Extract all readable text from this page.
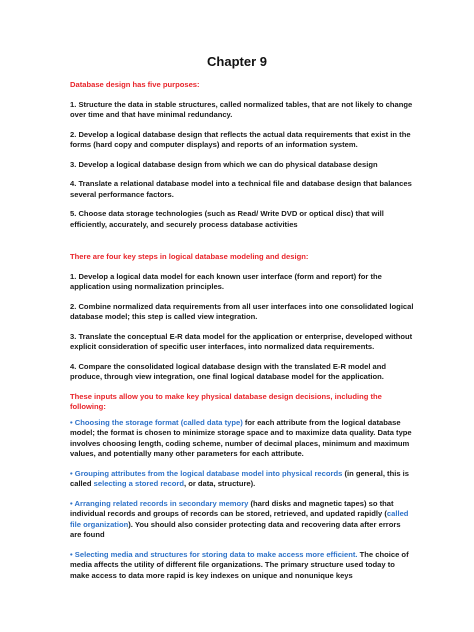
Chapter 9
Database design has five purposes:

1. Structure the data in stable structures, called normalized tables, that are not likely to change over time and that have minimal redundancy.

2. Develop a logical database design that reflects the actual data requirements that exist in the forms (hard copy and computer displays) and reports of an information system.

3. Develop a logical database design from which we can do physical database design

4. Translate a relational database model into a technical file and database design that balances several performance factors.

5. Choose data storage technologies (such as Read/ Write DVD or optical disc) that will efficiently, accurately, and securely process database activities

There are four key steps in logical database modeling and design:

1. Develop a logical data model for each known user interface (form and report) for the application using normalization principles.

2. Combine normalized data requirements from all user interfaces into one consolidated logical database model; this step is called view integration.

3. Translate the conceptual E-R data model for the application or enterprise, developed without explicit consideration of specific user interfaces, into normalized data requirements.

4. Compare the consolidated logical database design with the translated E-R model and produce, through view integration, one final logical database model for the application.

These inputs allow you to make key physical database design decisions, including the following:

• Choosing the storage format (called data type) for each attribute from the logical database model; the format is chosen to minimize storage space and to maximize data quality. Data type involves choosing length, coding scheme, number of decimal places, minimum and maximum values, and potentially many other parameters for each attribute.

• Grouping attributes from the logical database model into physical records (in general, this is called selecting a stored record, or data, structure).

• Arranging related records in secondary memory (hard disks and magnetic tapes) so that individual records and groups of records can be stored, retrieved, and updated rapidly (called file organization). You should also consider protecting data and recovering data after errors are found

• Selecting media and structures for storing data to make access more efficient. The choice of media affects the utility of different file organizations. The primary structure used today to make access to data more rapid is key indexes on unique and nonunique keys
